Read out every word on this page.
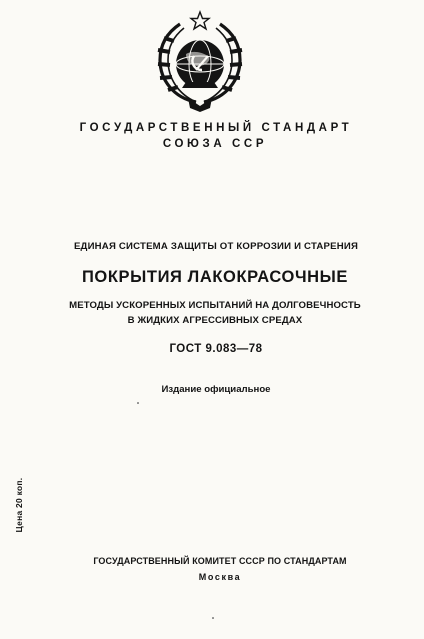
ГОСУДАРСТВЕННЫЙ СТАНДАРТ
СОЮЗА ССР
ЕДИНАЯ СИСТЕМА ЗАЩИТЫ ОТ КОРРОЗИИ И СТАРЕНИЯ
ПОКРЫТИЯ ЛАКОКРАСОЧНЫЕ
МЕТОДЫ УСКОРЕННЫХ ИСПЫТАНИЙ НА ДОЛГОВЕЧНОСТЬ
В ЖИДКИХ АГРЕССИВНЫХ СРЕДАХ
ГОСТ 9.083—78
Издание официальное
Цена 20 коп.
ГОСУДАРСТВЕННЫЙ КОМИТЕТ СССР ПО СТАНДАРТАМ
Москва
